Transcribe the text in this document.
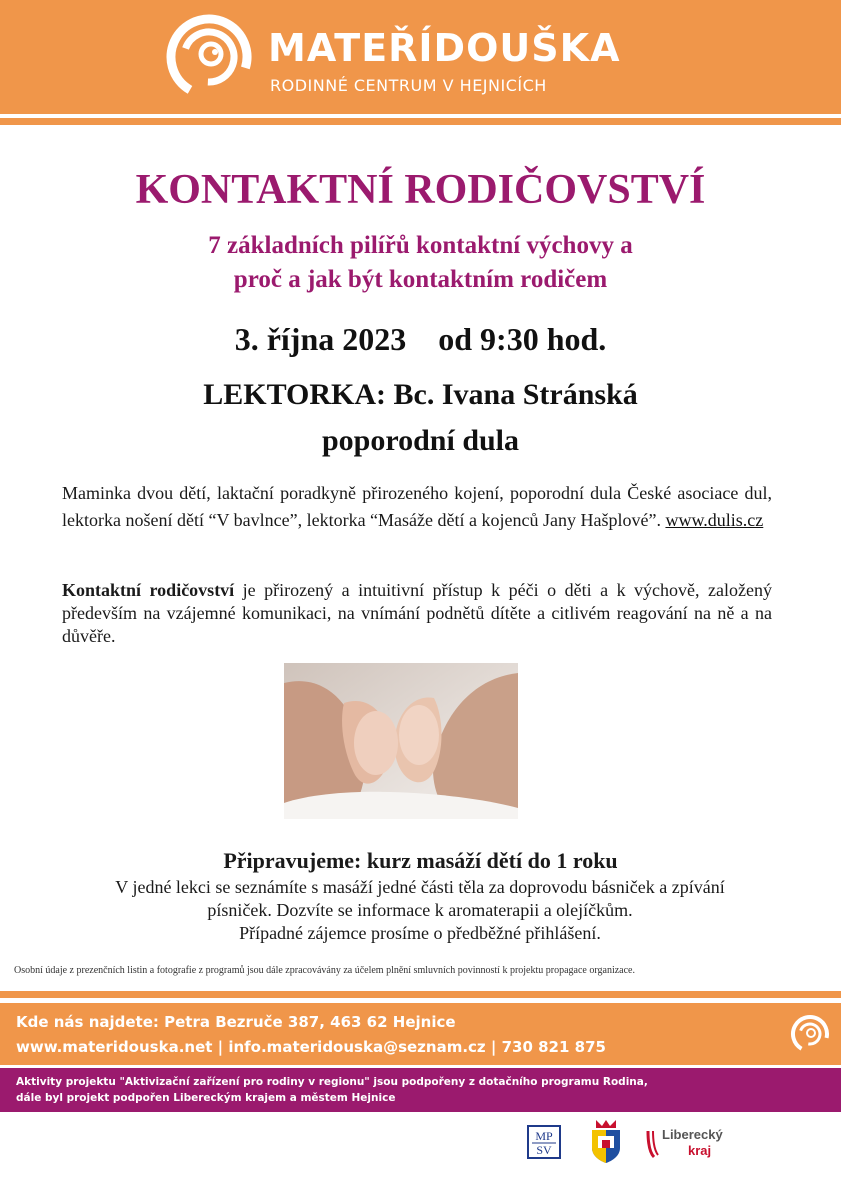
MATEŘÍDOUŠKA
RODINNÉ CENTRUM V HEJNICÍCH
KONTAKTNÍ RODIČOVSTVÍ
7 základních pilířů kontaktní výchovy a
proč a jak být kontaktním rodičem
3. října 2023    od 9:30 hod.
LEKTORKA: Bc. Ivana Stránská
poporodní dula
Maminka dvou dětí, laktační poradkyně přirozeného kojení, poporodní dula České asociace dul, lektorka nošení dětí “V bavlnce”, lektorka “Masáže dětí a kojenců Jany Hašplové”. www.dulis.cz
Kontaktní rodičovství je přirozený a intuitivní přístup k péči o děti a k výchově, založený především na vzájemné komunikaci, na vnímání podnětů dítěte a citlivém reagování na ně a na důvěře.
Připravujeme: kurz masáží dětí do 1 roku
V jedné lekci se seznámíte s masáží jedné části těla za doprovodu básniček a zpívání
písniček. Dozvíte se informace k aromaterapii a olejíčkům.
Případné zájemce prosíme o předběžné přihlášení.
Osobní údaje z prezenčních listin a fotografie z programů jsou dále zpracovávány za účelem plnění smluvních povinností k projektu propagace organizace.
Kde nás najdete: Petra Bezruče 387, 463 62 Hejnice
www.materidouska.net | info.materidouska@seznam.cz | 730 821 875
Aktivity projektu "Aktivizační zařízení pro rodiny v regionu" jsou podpořeny z dotačního programu Rodina,
dále byl projekt podpořen Libereckým krajem a městem Hejnice
MP
SV
Liberecký
kraj
